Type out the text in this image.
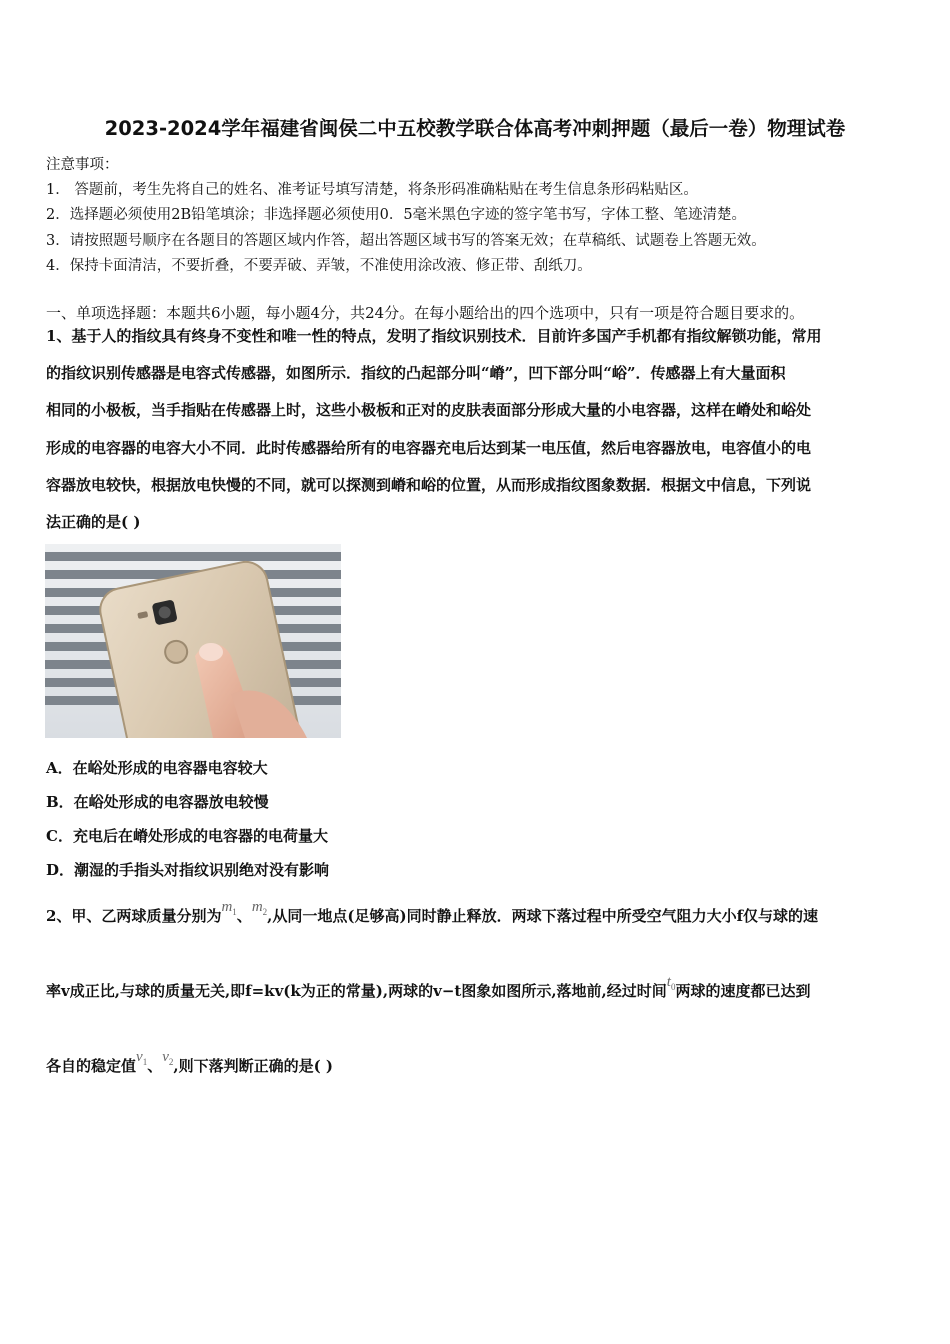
2023-2024学年福建省闽侯二中五校教学联合体高考冲刺押题（最后一卷）物理试卷
注意事项：
1． 答题前，考生先将自己的姓名、准考证号填写清楚，将条形码准确粘贴在考生信息条形码粘贴区。
2．选择题必须使用2B铅笔填涂；非选择题必须使用0．5毫米黑色字迹的签字笔书写，字体工整、笔迹清楚。
3．请按照题号顺序在各题目的答题区域内作答，超出答题区域书写的答案无效；在草稿纸、试题卷上答题无效。
4．保持卡面清洁，不要折叠，不要弄破、弄皱，不准使用涂改液、修正带、刮纸刀。
一、单项选择题：本题共6小题，每小题4分，共24分。在每小题给出的四个选项中，只有一项是符合题目要求的。
1、基于人的指纹具有终身不变性和唯一性的特点，发明了指纹识别技术．目前许多国产手机都有指纹解锁功能，常用
的指纹识别传感器是电容式传感器，如图所示．指纹的凸起部分叫“嵴”，凹下部分叫“峪”．传感器上有大量面积
相同的小极板，当手指贴在传感器上时，这些小极板和正对的皮肤表面部分形成大量的小电容器，这样在嵴处和峪处
形成的电容器的电容大小不同．此时传感器给所有的电容器充电后达到某一电压值，然后电容器放电，电容值小的电
容器放电较快，根据放电快慢的不同，就可以探测到嵴和峪的位置，从而形成指纹图象数据．根据文中信息，下列说
法正确的是( )
A．在峪处形成的电容器电容较大
B．在峪处形成的电容器放电较慢
C．充电后在嵴处形成的电容器的电荷量大
D．潮湿的手指头对指纹识别绝对没有影响
2、甲、乙两球质量分别为$m_1$、$m_2$,从同一地点(足够高)同时静止释放．两球下落过程中所受空气阻力大小f仅与球的速
率v成正比,与球的质量无关,即f=kv(k为正的常量),两球的v−t图象如图所示,落地前,经过时间$t_0$两球的速度都已达到
各自的稳定值$v_1$、$v_2$,则下落判断正确的是( )
